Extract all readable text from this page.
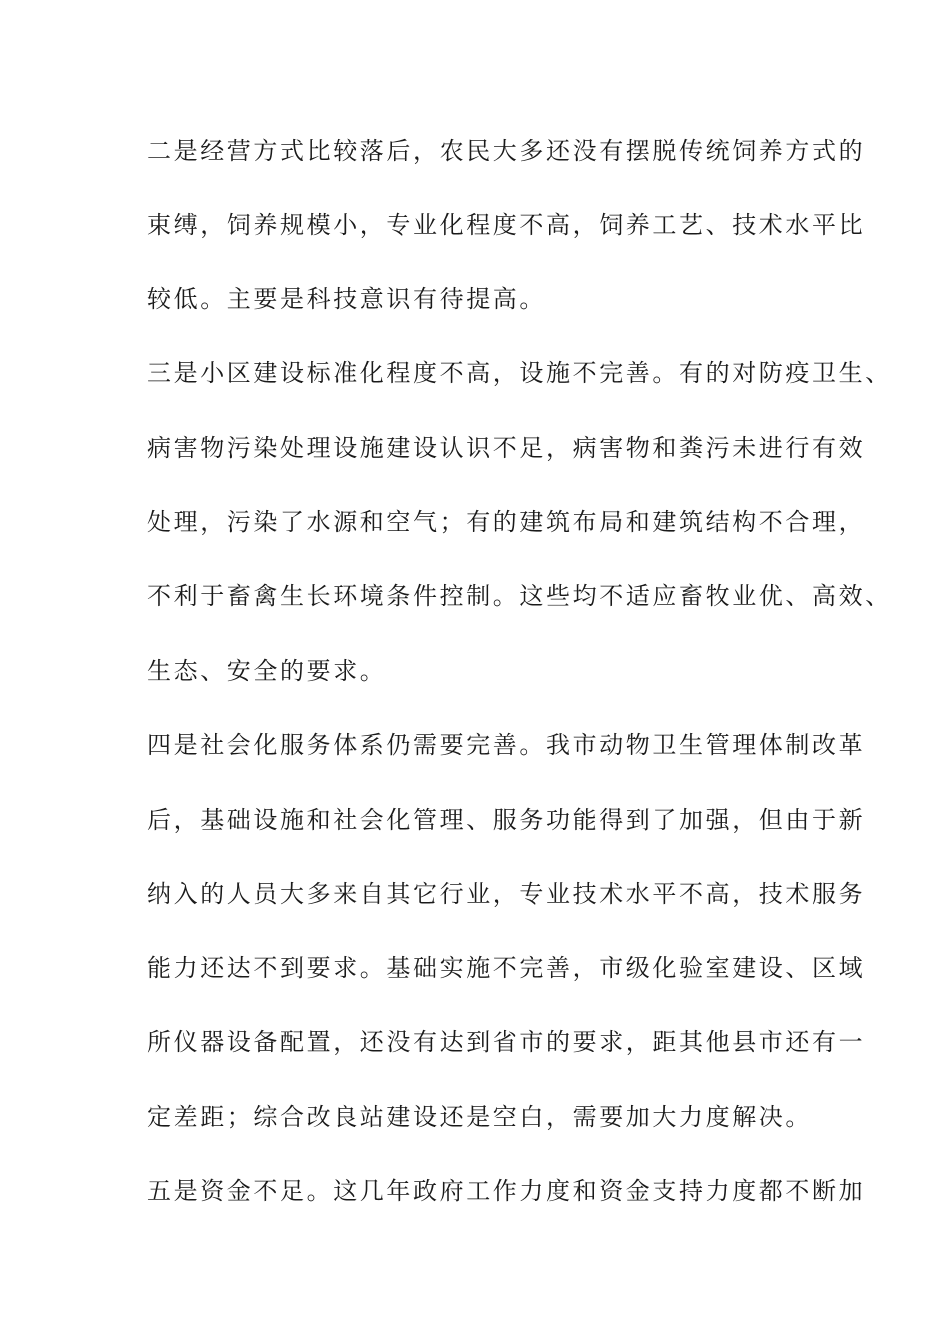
二是经营方式比较落后，农民大多还没有摆脱传统饲养方式的

束缚，饲养规模小，专业化程度不高，饲养工艺、技术水平比

较低。主要是科技意识有待提高。

三是小区建设标准化程度不高，设施不完善。有的对防疫卫生、

病害物污染处理设施建设认识不足，病害物和粪污未进行有效

处理，污染了水源和空气；有的建筑布局和建筑结构不合理，

不利于畜禽生长环境条件控制。这些均不适应畜牧业优、高效、

生态、安全的要求。

四是社会化服务体系仍需要完善。我市动物卫生管理体制改革

后，基础设施和社会化管理、服务功能得到了加强，但由于新

纳入的人员大多来自其它行业，专业技术水平不高，技术服务

能力还达不到要求。基础实施不完善，市级化验室建设、区域

所仪器设备配置，还没有达到省市的要求，距其他县市还有一

定差距；综合改良站建设还是空白，需要加大力度解决。

五是资金不足。这几年政府工作力度和资金支持力度都不断加
